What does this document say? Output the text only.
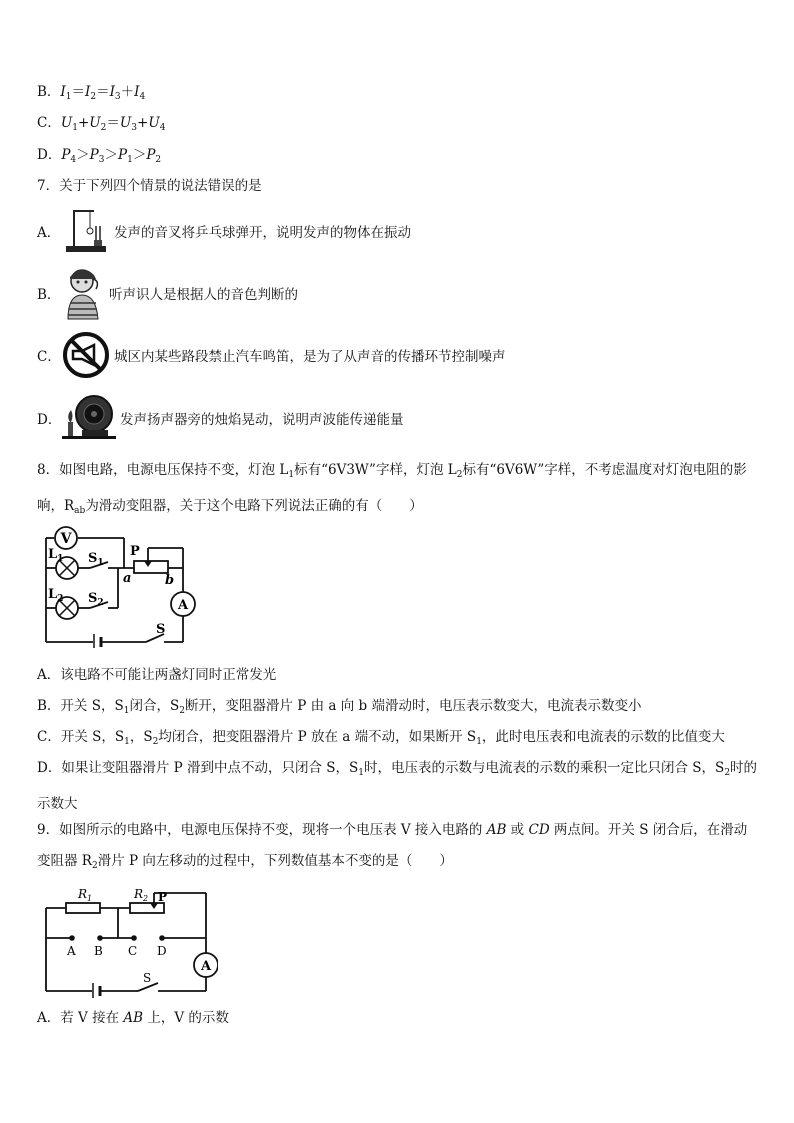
B．$I_1=I_2=I_3+I_4$
C．$U_1+U_2=U_3+U_4$
D．$P_4>P_3>P_1>P_2$
7．关于下列四个情景的说法错误的是
A．	发声的音叉将乒乓球弹开，说明发声的物体在振动
B．	听声识人是根据人的音色判断的
C．	城区内某些路段禁止汽车鸣笛，是为了从声音的传播环节控制噪声
D．	发声扬声器旁的烛焰晃动，说明声波能传递能量
8．如图电路，电源电压保持不变，灯泡 $L_1$标有“6V3W”字样，灯泡 $L_2$标有“6V6W”字样，不考虑温度对灯泡电阻的影响，$R_{ab}$为滑动变阻器，关于这个电路下列说法正确的有（　　）
V
A
$L_1$ $S_1$
$L_2$ $S_2$
P
a	b
S
A．该电路不可能让两盏灯同时正常发光
B．开关 S，$S_1$闭合，$S_2$断开，变阻器滑片 P 由 a 向 b 端滑动时，电压表示数变大，电流表示数变小
C．开关 S，$S_1$，$S_2$均闭合，把变阻器滑片 P 放在 a 端不动，如果断开 $S_1$，此时电压表和电流表的示数的比值变大
D．如果让变阻器滑片 P 滑到中点不动，只闭合 S，$S_1$时，电压表的示数与电流表的示数的乘积一定比只闭合 S，$S_2$时的示数大
9．如图所示的电路中，电源电压保持不变，现将一个电压表 V 接入电路的 AB 或 CD 两点间。开关 S 闭合后，在滑动变阻器 $R_2$滑片 P 向左移动的过程中，下列数值基本不变的是（　　）
A
$R_1$	$R_2$ P
A B C D
S
A．若 V 接在 AB 上，V 的示数
